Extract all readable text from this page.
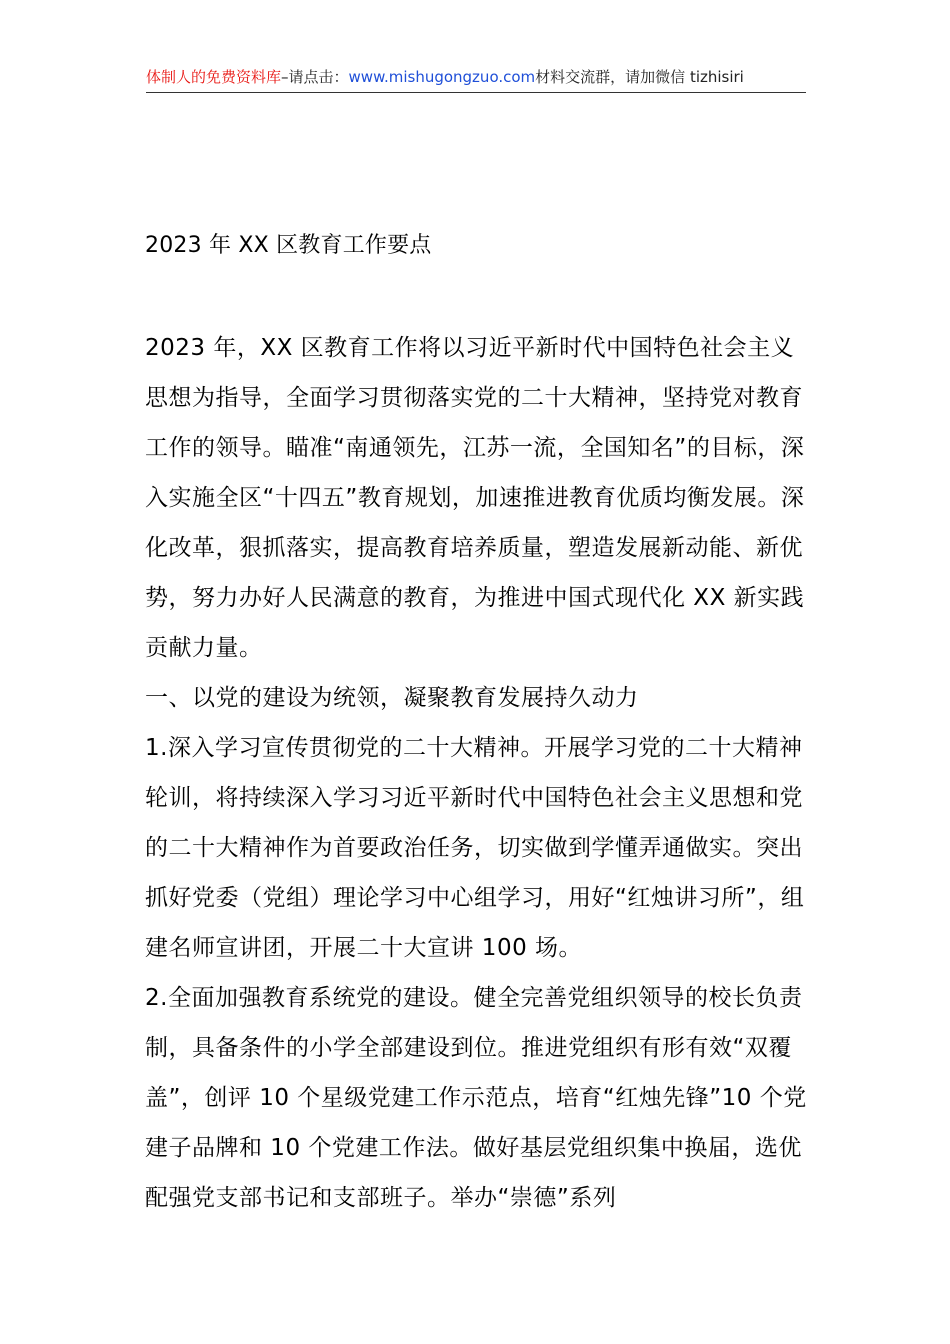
体制人的免费资料库–请点击：www.mishugongzuo.com材料交流群，请加微信 tizhisiri
2023 年 XX 区教育工作要点

2023 年，XX 区教育工作将以习近平新时代中国特色社会主义思想为指导，全面学习贯彻落实党的二十大精神，坚持党对教育工作的领导。瞄准“南通领先，江苏一流，全国知名”的目标，深入实施全区“十四五”教育规划，加速推进教育优质均衡发展。深化改革，狠抓落实，提高教育培养质量，塑造发展新动能、新优势，努力办好人民满意的教育，为推进中国式现代化 XX 新实践贡献力量。

一、以党的建设为统领，凝聚教育发展持久动力

1.深入学习宣传贯彻党的二十大精神。开展学习党的二十大精神轮训，将持续深入学习习近平新时代中国特色社会主义思想和党的二十大精神作为首要政治任务，切实做到学懂弄通做实。突出抓好党委（党组）理论学习中心组学习，用好“红烛讲习所”，组建名师宣讲团，开展二十大宣讲 100 场。

2.全面加强教育系统党的建设。健全完善党组织领导的校长负责制，具备条件的小学全部建设到位。推进党组织有形有效“双覆盖”，创评 10 个星级党建工作示范点，培育“红烛先锋”10 个党建子品牌和 10 个党建工作法。做好基层党组织集中换届，选优配强党支部书记和支部班子。举办“崇德”系列
